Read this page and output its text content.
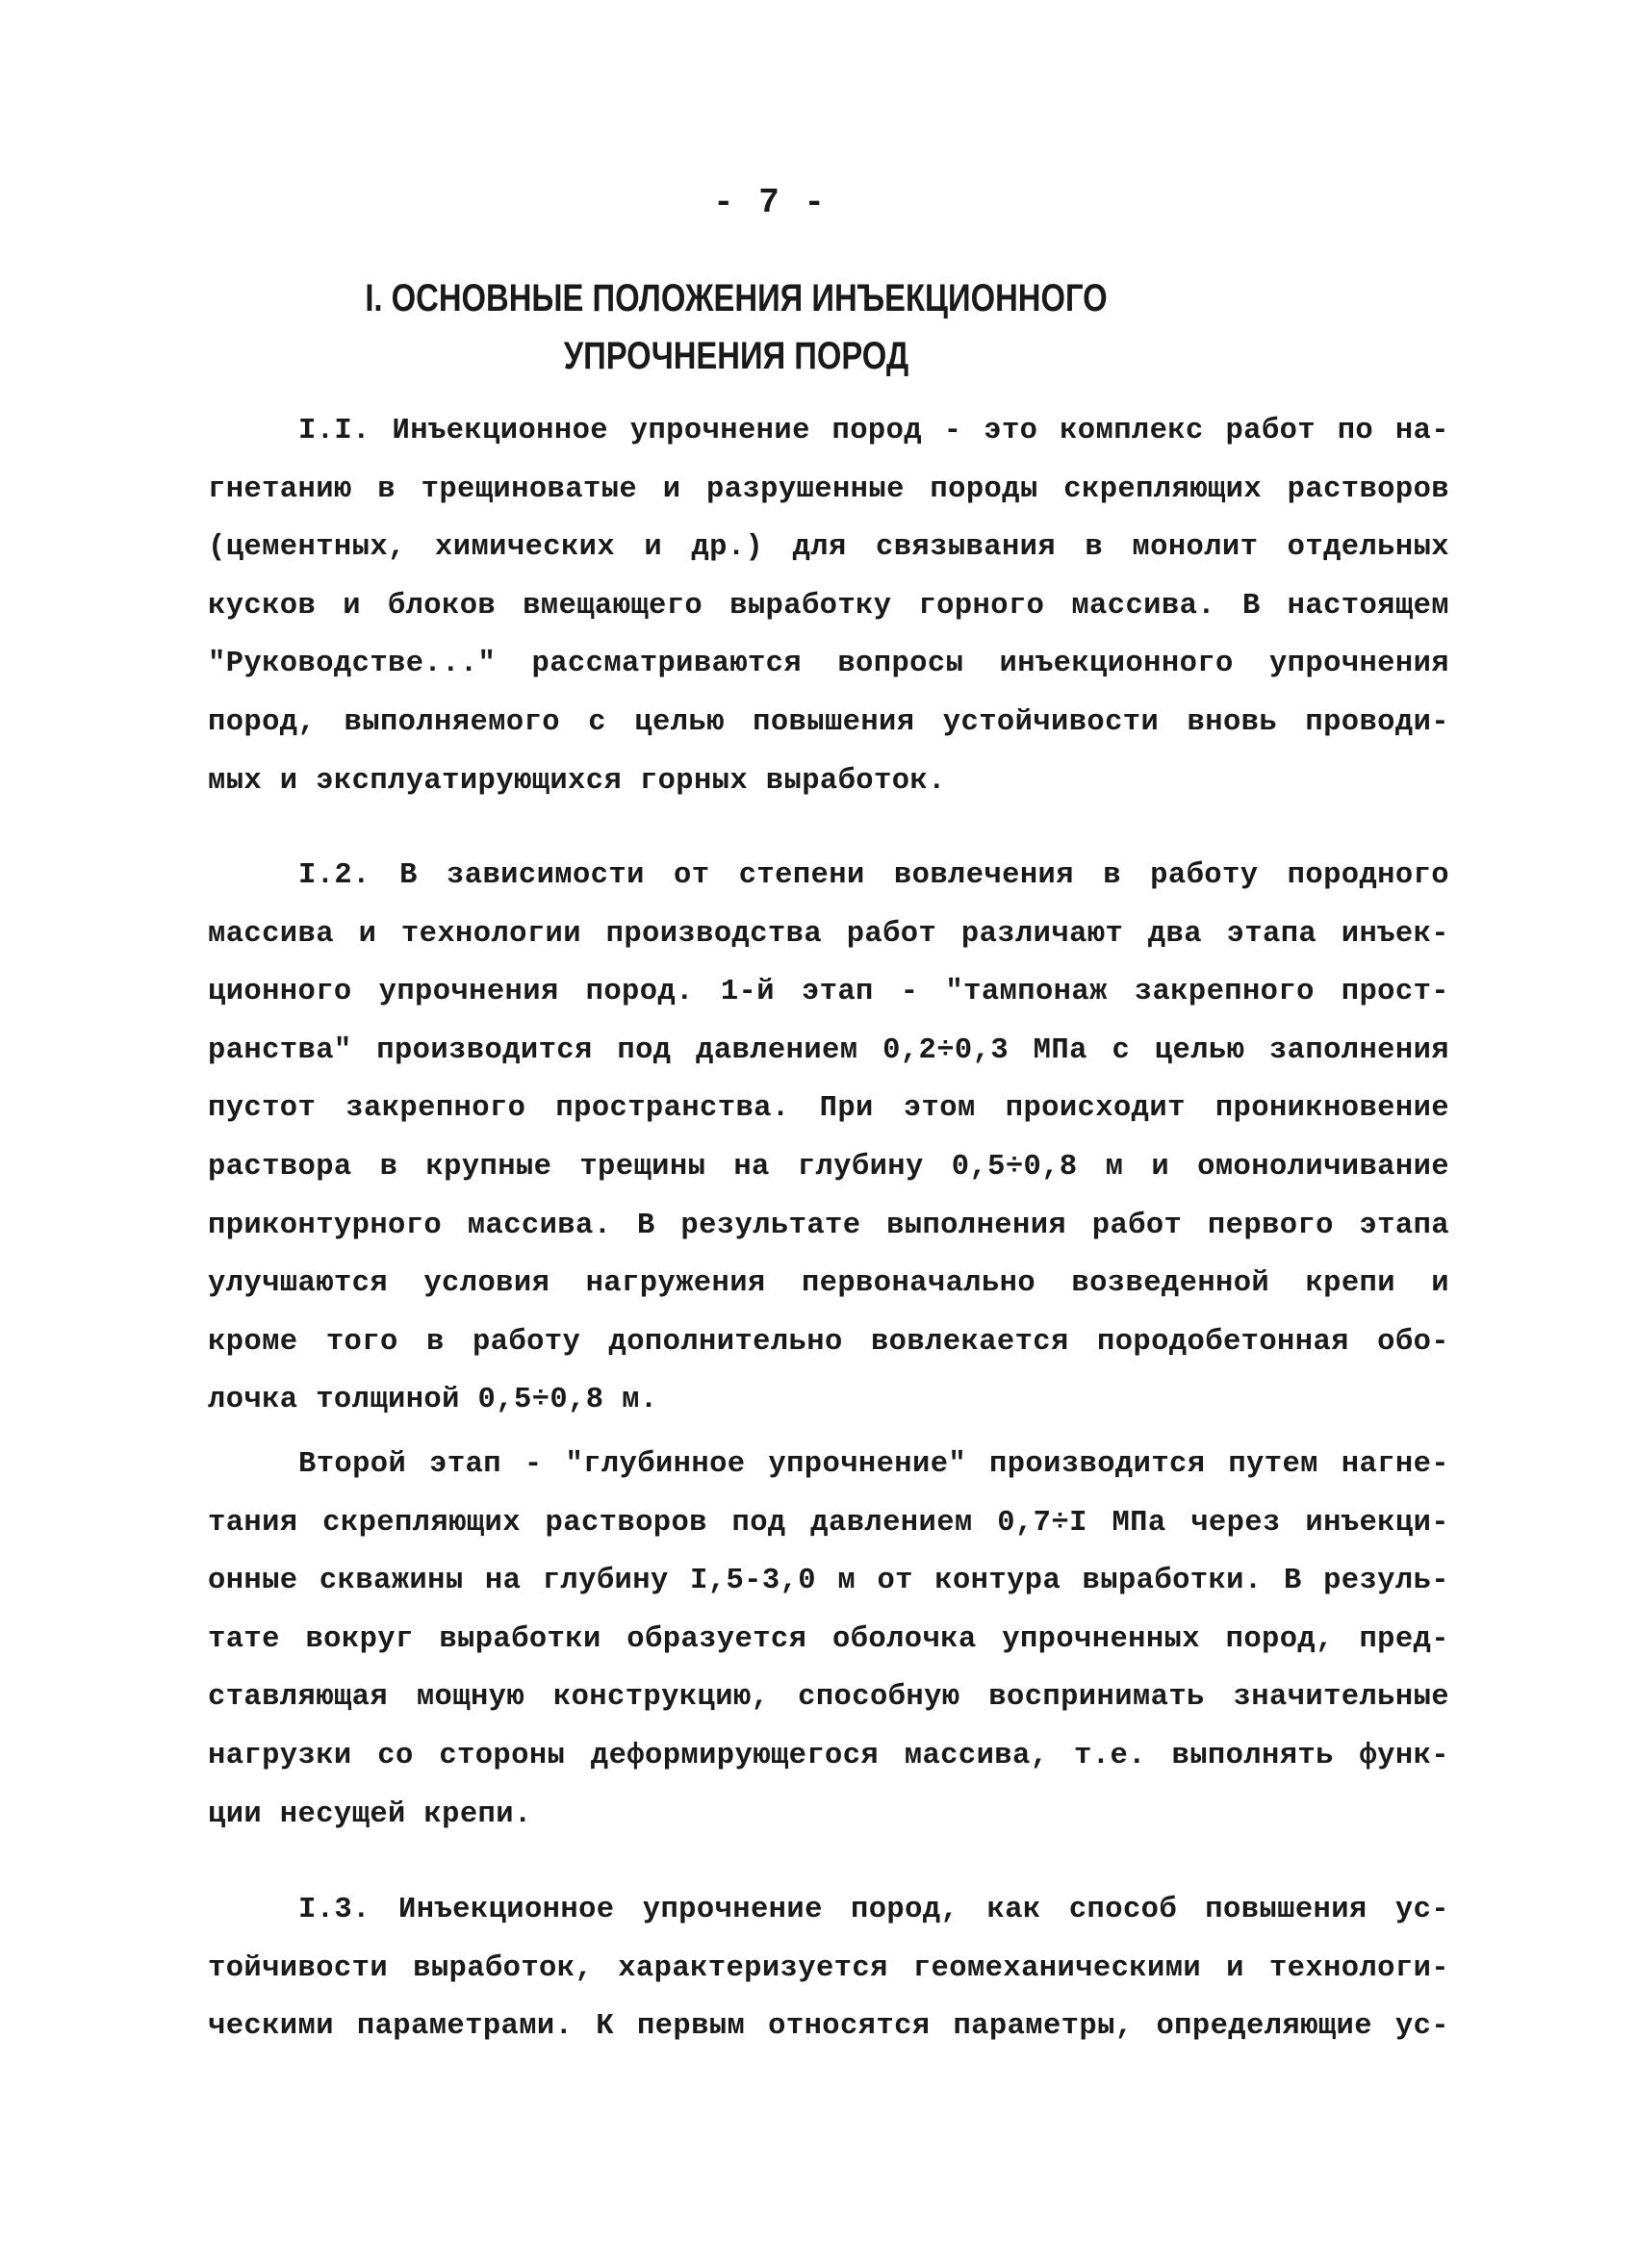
- 7 -
I. ОСНОВНЫЕ ПОЛОЖЕНИЯ ИНЪЕКЦИОННОГО
УПРОЧНЕНИЯ ПОРОД
I.I. Инъекционное упрочнение пород - это комплекс работ по на-
гнетанию в трещиноватые и разрушенные породы скрепляющих растворов
(цементных, химических и др.) для связывания в монолит отдельных
кусков и блоков вмещающего выработку горного массива. В настоящем
"Руководстве..." рассматриваются вопросы инъекционного упрочнения
пород, выполняемого с целью повышения устойчивости вновь проводи-
мых и эксплуатирующихся горных выработок.
I.2. В зависимости от степени вовлечения в работу породного
массива и технологии производства работ различают два этапа инъек-
ционного упрочнения пород. 1-й этап - "тампонаж закрепного прост-
ранства" производится под давлением 0,2÷0,3 МПа с целью заполнения
пустот закрепного пространства. При этом происходит проникновение
раствора в крупные трещины на глубину 0,5÷0,8 м и омоноличивание
приконтурного массива. В результате выполнения работ первого этапа
улучшаются условия нагружения первоначально возведенной крепи и
кроме того в работу дополнительно вовлекается породобетонная обо-
лочка толщиной 0,5÷0,8 м.
Второй этап - "глубинное упрочнение" производится путем нагне-
тания скрепляющих растворов под давлением 0,7÷I МПа через инъекци-
онные скважины на глубину I,5-3,0 м от контура выработки. В резуль-
тате вокруг выработки образуется оболочка упрочненных пород, пред-
ставляющая мощную конструкцию, способную воспринимать значительные
нагрузки со стороны деформирующегося массива, т.е. выполнять функ-
ции несущей крепи.
I.3. Инъекционное упрочнение пород, как способ повышения ус-
тойчивости выработок, характеризуется геомеханическими и технологи-
ческими параметрами. К первым относятся параметры, определяющие ус-
